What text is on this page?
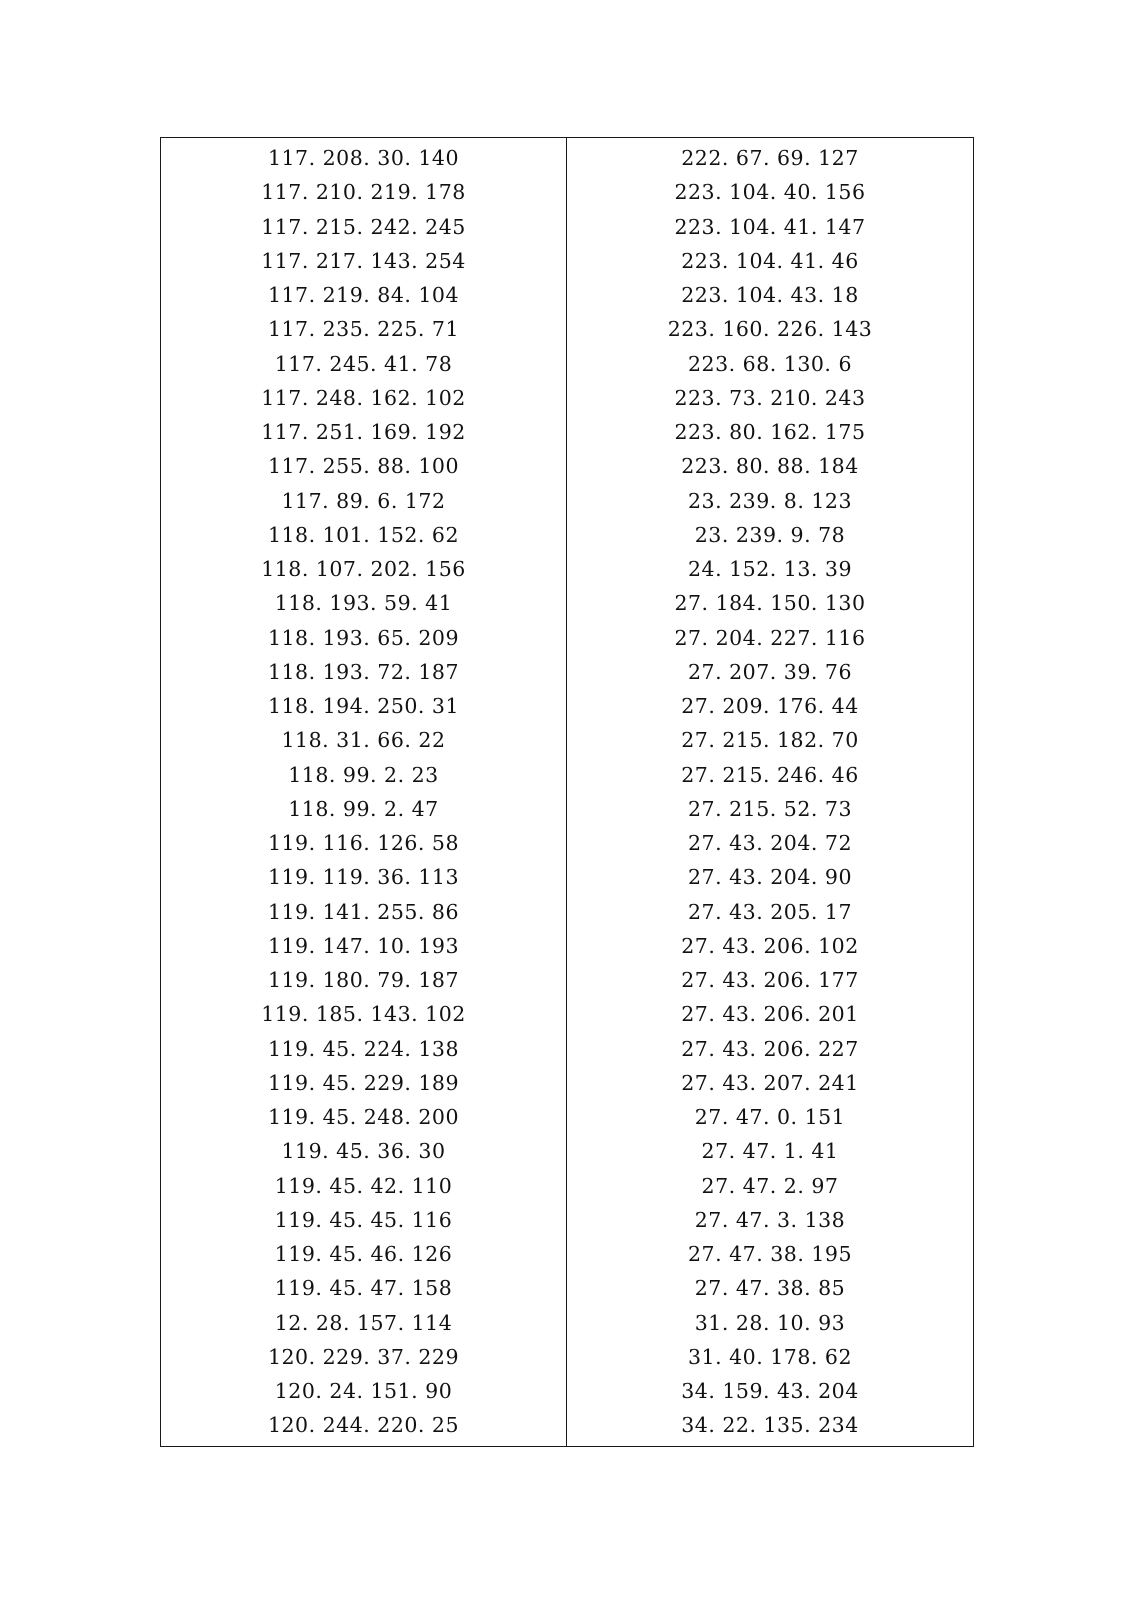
117. 208. 30. 140
117. 210. 219. 178
117. 215. 242. 245
117. 217. 143. 254
117. 219. 84. 104
117. 235. 225. 71
117. 245. 41. 78
117. 248. 162. 102
117. 251. 169. 192
117. 255. 88. 100
117. 89. 6. 172
118. 101. 152. 62
118. 107. 202. 156
118. 193. 59. 41
118. 193. 65. 209
118. 193. 72. 187
118. 194. 250. 31
118. 31. 66. 22
118. 99. 2. 23
118. 99. 2. 47
119. 116. 126. 58
119. 119. 36. 113
119. 141. 255. 86
119. 147. 10. 193
119. 180. 79. 187
119. 185. 143. 102
119. 45. 224. 138
119. 45. 229. 189
119. 45. 248. 200
119. 45. 36. 30
119. 45. 42. 110
119. 45. 45. 116
119. 45. 46. 126
119. 45. 47. 158
12. 28. 157. 114
120. 229. 37. 229
120. 24. 151. 90
120. 244. 220. 25
222. 67. 69. 127
223. 104. 40. 156
223. 104. 41. 147
223. 104. 41. 46
223. 104. 43. 18
223. 160. 226. 143
223. 68. 130. 6
223. 73. 210. 243
223. 80. 162. 175
223. 80. 88. 184
23. 239. 8. 123
23. 239. 9. 78
24. 152. 13. 39
27. 184. 150. 130
27. 204. 227. 116
27. 207. 39. 76
27. 209. 176. 44
27. 215. 182. 70
27. 215. 246. 46
27. 215. 52. 73
27. 43. 204. 72
27. 43. 204. 90
27. 43. 205. 17
27. 43. 206. 102
27. 43. 206. 177
27. 43. 206. 201
27. 43. 206. 227
27. 43. 207. 241
27. 47. 0. 151
27. 47. 1. 41
27. 47. 2. 97
27. 47. 3. 138
27. 47. 38. 195
27. 47. 38. 85
31. 28. 10. 93
31. 40. 178. 62
34. 159. 43. 204
34. 22. 135. 234
